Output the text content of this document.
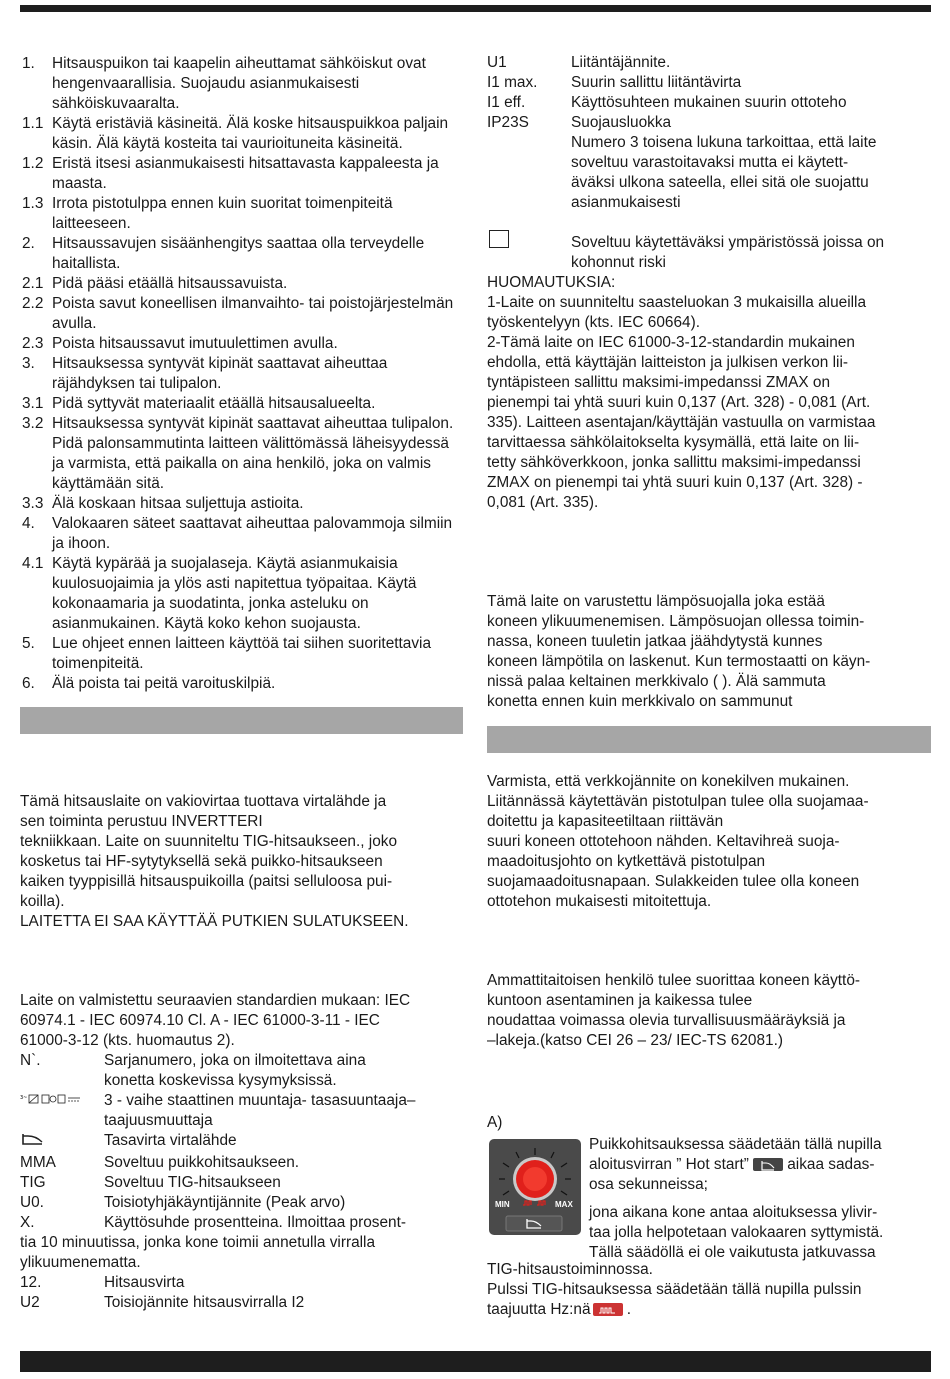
1.	Hitsauspuikon tai kaapelin aiheuttamat sähköiskut ovat hengenvaarallisia. Suojaudu asianmukaisesti sähköiskuvaaralta.
1.1 Käytä eristäviä käsineitä. Älä koske hitsauspuikkoa paljain käsin. Älä käytä kosteita tai vaurioituneita käsineitä.
1.2 Eristä itsesi asianmukaisesti hitsattavasta kappaleesta ja maasta.
1.3 Irrota pistotulppa ennen kuin suoritat toimenpiteitä laitteeseen.
2.	Hitsaussavujen sisäänhengitys saattaa olla terveydelle haitallista.
2.1 Pidä pääsi etäällä hitsaussavuista.
2.2 Poista savut koneellisen ilmanvaihto- tai poistojärjestelmän avulla.
2.3 Poista hitsaussavut imutuulettimen avulla.
3.	Hitsauksessa syntyvät kipinät saattavat aiheuttaa räjähdyksen tai tulipalon.
3.1 Pidä syttyvät materiaalit etäällä hitsausalueelta.
3.2 Hitsauksessa syntyvät kipinät saattavat aiheuttaa tulipalon. Pidä palonsammutinta laitteen välittömässä läheisyydessä ja varmista, että paikalla on aina henkilö, joka on valmis käyttämään sitä.
3.3 Älä koskaan hitsaa suljettuja astioita.
4.	Valokaaren säteet saattavat aiheuttaa palovammoja silmiin ja ihoon.
4.1 Käytä kypärää ja suojalaseja. Käytä asianmukaisia kuulosuojaimia ja ylös asti napitettua työpaitaa. Käytä kokonaamaria ja suodatinta, jonka asteluku on asianmukainen. Käytä koko kehon suojausta.
5.	Lue ohjeet ennen laitteen käyttöä tai siihen suoritettavia toimenpiteitä.
6.	Älä poista tai peitä varoituskilpiä.

Tämä hitsauslaite on vakiovirtaa tuottava virtalähde ja

sen toiminta perustuu INVERTTERI

tekniikkaan. Laite on suunniteltu TIG-hitsaukseen., joko

kosketus tai HF-sytytyksellä sekä puikko-hitsaukseen

kaiken tyyppisillä hitsauspuikoilla (paitsi selluloosa pui-

koilla).

LAITETTA EI SAA KÄYTTÄÄ PUTKIEN SULATUKSEEN.

Laite on valmistettu seuraavien standardien mukaan: IEC

60974.1 - IEC 60974.10 Cl. A - IEC 61000-3-11 - IEC

61000-3-12 (kts. huomautus 2).

N`.	Sarjanumero, joka on ilmoitettava aina
konetta koskevissa kysymyksissä.
3~	3 - vaihe staattinen muuntaja- tasasuuntaaja–
taajuusmuuttaja
Tasavirta virtalähde
MMA	Soveltuu puikkohitsaukseen.
TIG	Soveltuu TIG-hitsaukseen
U0.	Toisiotyhjäkäyntijännite (Peak arvo)
X.	Käyttösuhde prosentteina. Ilmoittaa prosent-

tia 10 minuutissa, jonka kone toimii annetulla virralla

ylikuumenematta.

12.	Hitsausvirta
U2	Toisiojännite hitsausvirralla I2
U1	Liitäntäjännite.
I1 max.	Suurin sallittu liitäntävirta
I1 eff.	Käyttösuhteen mukainen suurin ottoteho
IP23S	Suojausluokka
Numero 3 toisena lukuna tarkoittaa, että laite
soveltuu varastoitavaksi mutta ei käytett-
äväksi ulkona sateella, ellei sitä ole suojattu
asianmukaisesti

Soveltuu käytettäväksi ympäristössä joissa on

kohonnut riski

HUOMAUTUKSIA:

1-Laite on suunniteltu saasteluokan 3 mukaisilla alueilla

työskentelyyn (kts. IEC 60664).

2-Tämä laite on IEC 61000-3-12-standardin mukainen

ehdolla, että käyttäjän laitteiston ja julkisen verkon lii-

tyntäpisteen sallittu maksimi-impedanssi ZMAX on

pienempi tai yhtä suuri kuin 0,137 (Art. 328) - 0,081 (Art.

335). Laitteen asentajan/käyttäjän vastuulla on varmistaa

tarvittaessa sähkölaitokselta kysymällä, että laite on lii-

tetty sähköverkkoon, jonka sallittu maksimi-impedanssi

ZMAX on pienempi tai yhtä suuri kuin 0,137 (Art. 328) -

0,081 (Art. 335).

Tämä laite on varustettu lämpösuojalla joka estää

koneen ylikuumenemisen. Lämpösuojan ollessa toimin-

nassa, koneen tuuletin jatkaa jäähdytystä kunnes

koneen lämpötila on laskenut. Kun termostaatti on käyn-

nissä palaa keltainen merkkivalo ( ). Älä sammuta

konetta ennen kuin merkkivalo on sammunut

Varmista, että verkkojännite on konekilven mukainen.

Liitännässä käytettävän pistotulpan tulee olla suojamaa-

doitettu ja kapasiteetiltaan riittävän

suuri koneen ottotehoon nähden. Keltavihreä suoja-

maadoitusjohto on kytkettävä pistotulpan

suojamaadoitusnapaan. Sulakkeiden tulee olla koneen

ottotehon mukaisesti mitoitettuja.

Ammattitaitoisen henkilö tulee suorittaa koneen käyttö-

kuntoon asentaminen ja kaikessa tulee

noudattaa voimassa olevia turvallisuusmääräyksiä ja

–lakeja.(katso CEI 26 – 23/ IEC-TS 62081.)

A)
MIN	MAX

Puikkohitsauksessa säädetään tällä nupilla

aloitusvirran ” Hot start” aikaa sadas-

osa sekunneissa;

jona aikana kone antaa aloituksessa ylivir-

taa jolla helpotetaan valokaaren syttymistä.

Tällä säädöllä ei ole vaikutusta jatkuvassa

TIG-hitsaustoiminnossa.

Pulssi TIG-hitsauksessa säädetään tällä nupilla pulssin

taajuutta Hz:nä .
